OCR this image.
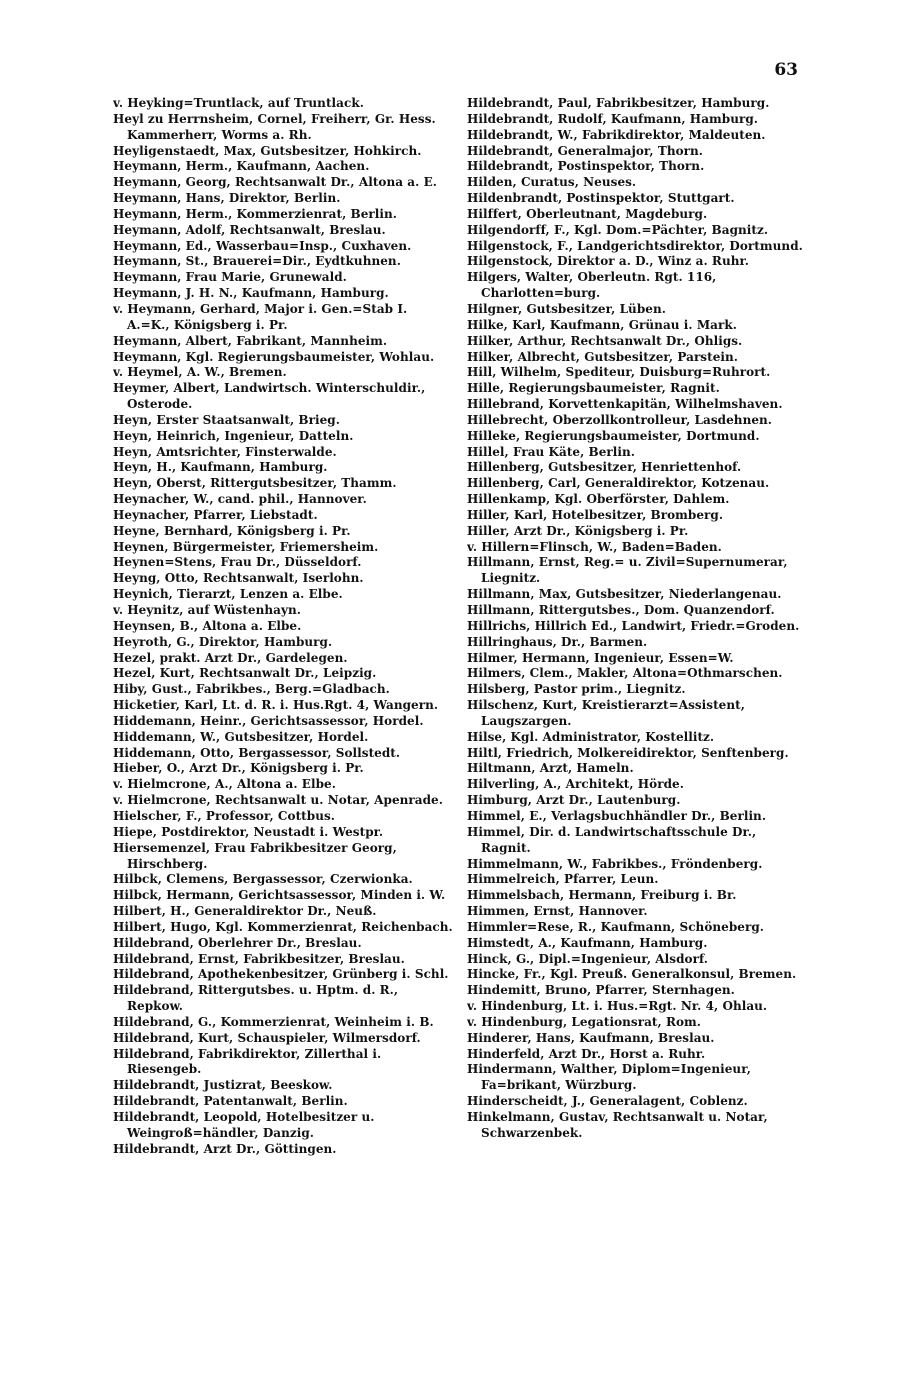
63
v. Heyking=Truntlack, auf Truntlack.
Heyl zu Herrnsheim, Cornel, Freiherr, Gr. Hess. Kammerherr, Worms a. Rh.
Heyligenstaedt, Max, Gutsbesitzer, Hohkirch.
Heymann, Herm., Kaufmann, Aachen.
Heymann, Georg, Rechtsanwalt Dr., Altona a. E.
Heymann, Hans, Direktor, Berlin.
Heymann, Herm., Kommerzienrat, Berlin.
Heymann, Adolf, Rechtsanwalt, Breslau.
Heymann, Ed., Wasserbau=Insp., Cuxhaven.
Heymann, St., Brauerei=Dir., Eydtkuhnen.
Heymann, Frau Marie, Grunewald.
Heymann, J. H. N., Kaufmann, Hamburg.
v. Heymann, Gerhard, Major i. Gen.=Stab I. A.=K., Königsberg i. Pr.
Heymann, Albert, Fabrikant, Mannheim.
Heymann, Kgl. Regierungsbaumeister, Wohlau.
v. Heymel, A. W., Bremen.
Heymer, Albert, Landwirtsch. Winterschuldir., Osterode.
Heyn, Erster Staatsanwalt, Brieg.
Heyn, Heinrich, Ingenieur, Datteln.
Heyn, Amtsrichter, Finsterwalde.
Heyn, H., Kaufmann, Hamburg.
Heyn, Oberst, Rittergutsbesitzer, Thamm.
Heynacher, W., cand. phil., Hannover.
Heynacher, Pfarrer, Liebstadt.
Heyne, Bernhard, Königsberg i. Pr.
Heynen, Bürgermeister, Friemersheim.
Heynen=Stens, Frau Dr., Düsseldorf.
Heyng, Otto, Rechtsanwalt, Iserlohn.
Heynich, Tierarzt, Lenzen a. Elbe.
v. Heynitz, auf Wüstenhayn.
Heynsen, B., Altona a. Elbe.
Heyroth, G., Direktor, Hamburg.
Hezel, prakt. Arzt Dr., Gardelegen.
Hezel, Kurt, Rechtsanwalt Dr., Leipzig.
Hiby, Gust., Fabrikbes., Berg.=Gladbach.
Hicketier, Karl, Lt. d. R. i. Hus.Rgt. 4, Wangern.
Hiddemann, Heinr., Gerichtsassessor, Hordel.
Hiddemann, W., Gutsbesitzer, Hordel.
Hiddemann, Otto, Bergassessor, Sollstedt.
Hieber, O., Arzt Dr., Königsberg i. Pr.
v. Hielmcrone, A., Altona a. Elbe.
v. Hielmcrone, Rechtsanwalt u. Notar, Apenrade.
Hielscher, F., Professor, Cottbus.
Hiepe, Postdirektor, Neustadt i. Westpr.
Hiersemenzel, Frau Fabrikbesitzer Georg, Hirschberg.
Hilbck, Clemens, Bergassessor, Czerwionka.
Hilbck, Hermann, Gerichtsassessor, Minden i. W.
Hilbert, H., Generaldirektor Dr., Neuß.
Hilbert, Hugo, Kgl. Kommerzienrat, Reichenbach.
Hildebrand, Oberlehrer Dr., Breslau.
Hildebrand, Ernst, Fabrikbesitzer, Breslau.
Hildebrand, Apothekenbesitzer, Grünberg i. Schl.
Hildebrand, Rittergutsbes. u. Hptm. d. R., Repkow.
Hildebrand, G., Kommerzienrat, Weinheim i. B.
Hildebrand, Kurt, Schauspieler, Wilmersdorf.
Hildebrand, Fabrikdirektor, Zillerthal i. Riesengeb.
Hildebrandt, Justizrat, Beeskow.
Hildebrandt, Patentanwalt, Berlin.
Hildebrandt, Leopold, Hotelbesitzer u. Weingroß=händler, Danzig.
Hildebrandt, Arzt Dr., Göttingen.
Hildebrandt, Paul, Fabrikbesitzer, Hamburg.
Hildebrandt, Rudolf, Kaufmann, Hamburg.
Hildebrandt, W., Fabrikdirektor, Maldeuten.
Hildebrandt, Generalmajor, Thorn.
Hildebrandt, Postinspektor, Thorn.
Hilden, Curatus, Neuses.
Hildenbrandt, Postinspektor, Stuttgart.
Hilffert, Oberleutnant, Magdeburg.
Hilgendorff, F., Kgl. Dom.=Pächter, Bagnitz.
Hilgenstock, F., Landgerichtsdirektor, Dortmund.
Hilgenstock, Direktor a. D., Winz a. Ruhr.
Hilgers, Walter, Oberleutn. Rgt. 116, Charlotten=burg.
Hilgner, Gutsbesitzer, Lüben.
Hilke, Karl, Kaufmann, Grünau i. Mark.
Hilker, Arthur, Rechtsanwalt Dr., Ohligs.
Hilker, Albrecht, Gutsbesitzer, Parstein.
Hill, Wilhelm, Spediteur, Duisburg=Ruhrort.
Hille, Regierungsbaumeister, Ragnit.
Hillebrand, Korvettenkapitän, Wilhelmshaven.
Hillebrecht, Oberzollkontrolleur, Lasdehnen.
Hilleke, Regierungsbaumeister, Dortmund.
Hillel, Frau Käte, Berlin.
Hillenberg, Gutsbesitzer, Henriettenhof.
Hillenberg, Carl, Generaldirektor, Kotzenau.
Hillenkamp, Kgl. Oberförster, Dahlem.
Hiller, Karl, Hotelbesitzer, Bromberg.
Hiller, Arzt Dr., Königsberg i. Pr.
v. Hillern=Flinsch, W., Baden=Baden.
Hillmann, Ernst, Reg.= u. Zivil=Supernumerar, Liegnitz.
Hillmann, Max, Gutsbesitzer, Niederlangenau.
Hillmann, Rittergutsbes., Dom. Quanzendorf.
Hillrichs, Hillrich Ed., Landwirt, Friedr.=Groden.
Hillringhaus, Dr., Barmen.
Hilmer, Hermann, Ingenieur, Essen=W.
Hilmers, Clem., Makler, Altona=Othmarschen.
Hilsberg, Pastor prim., Liegnitz.
Hilschenz, Kurt, Kreistierarzt=Assistent, Laugszargen.
Hilse, Kgl. Administrator, Kostellitz.
Hiltl, Friedrich, Molkereidirektor, Senftenberg.
Hiltmann, Arzt, Hameln.
Hilverling, A., Architekt, Hörde.
Himburg, Arzt Dr., Lautenburg.
Himmel, E., Verlagsbuchhändler Dr., Berlin.
Himmel, Dir. d. Landwirtschaftsschule Dr., Ragnit.
Himmelmann, W., Fabrikbes., Fröndenberg.
Himmelreich, Pfarrer, Leun.
Himmelsbach, Hermann, Freiburg i. Br.
Himmen, Ernst, Hannover.
Himmler=Rese, R., Kaufmann, Schöneberg.
Himstedt, A., Kaufmann, Hamburg.
Hinck, G., Dipl.=Ingenieur, Alsdorf.
Hincke, Fr., Kgl. Preuß. Generalkonsul, Bremen.
Hindemitt, Bruno, Pfarrer, Sternhagen.
v. Hindenburg, Lt. i. Hus.=Rgt. Nr. 4, Ohlau.
v. Hindenburg, Legationsrat, Rom.
Hinderer, Hans, Kaufmann, Breslau.
Hinderfeld, Arzt Dr., Horst a. Ruhr.
Hindermann, Walther, Diplom=Ingenieur, Fa=brikant, Würzburg.
Hinderscheidt, J., Generalagent, Coblenz.
Hinkelmann, Gustav, Rechtsanwalt u. Notar, Schwarzenbek.
